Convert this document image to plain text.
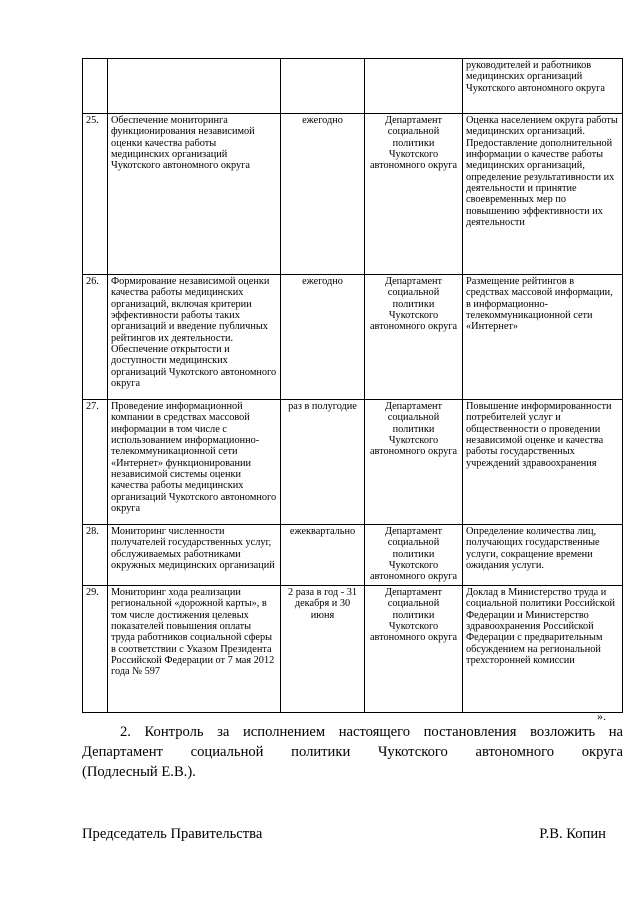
				руководителей и работников медицинских организаций Чукотского автономного округа
25.	Обеспечение мониторинга функционирования независимой оценки качества работы медицинских организаций Чукотского автономного округа	ежегодно	Департамент социальной политики Чукотского автономного округа	Оценка населением округа работы медицинских организаций. Предоставление дополнительной информации о качестве работы медицинских организаций, определение результативности их деятельности и принятие своевременных мер по повышению эффективности их деятельности
26.	Формирование независимой оценки качества работы медицинских организаций, включая критерии эффективности работы таких организаций и введение публичных рейтингов их деятельности. Обеспечение открытости и доступности медицинских организаций Чукотского автономного округа	ежегодно	Департамент социальной политики Чукотского автономного округа	Размещение рейтингов в средствах массовой информации, в информационно-телекоммуникационной сети «Интернет»
27.	Проведение информационной компании в средствах массовой информации в том числе с использованием информационно-телекоммуникационной сети «Интернет» функционировании независимой системы оценки качества работы медицинских организаций Чукотского автономного округа	раз в полугодие	Департамент социальной политики Чукотского автономного округа	Повышение информированности потребителей услуг и общественности о проведении независимой оценке и качества работы государственных учреждений здравоохранения
28.	Мониторинг численности получателей государственных услуг, обслуживаемых работниками окружных медицинских организаций	ежеквартально	Департамент социальной политики Чукотского автономного округа	Определение количества лиц, получающих государственные услуги, сокращение времени ожидания услуги.
29.	Мониторинг хода реализации региональной «дорожной карты», в том числе достижения целевых показателей повышения оплаты труда работников социальной сферы в соответствии с Указом Президента Российской Федерации от 7 мая 2012 года № 597	2 раза в год - 31 декабря и 30 июня	Департамент социальной политики Чукотского автономного округа	Доклад в Министерство труда и социальной политики Российской Федерации и Министерство здравоохранения Российской Федерации с предварительным обсуждением на региональной трехсторонней комиссии
».
2. Контроль за исполнением настоящего постановления возложить на
Департамент социальной политики Чукотского автономного округа
(Подлесный Е.В.).
Председатель Правительства	Р.В. Копин
